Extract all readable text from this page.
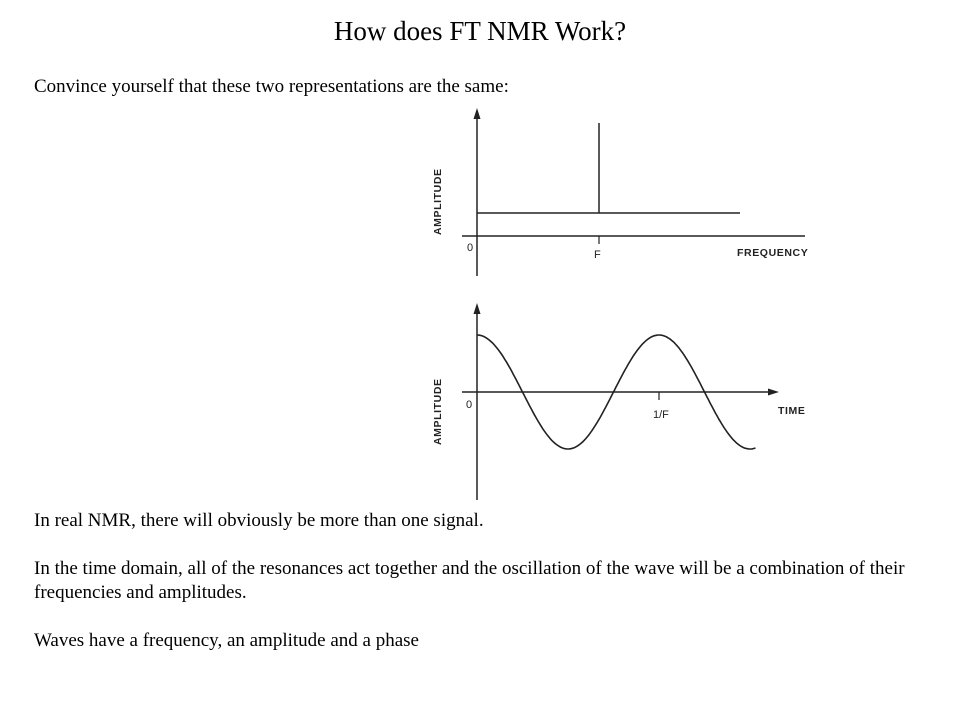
How does FT NMR Work?
Convince yourself that these two representations are the same:
0
F	FREQUENCY
AMPLITUDE
0
1/F	TIME
AMPLITUDE

In real NMR, there will obviously be more than one signal.

In the time domain, all of the resonances act together and the oscillation of the wave will be a combination of their frequencies and amplitudes.

Waves have a frequency, an amplitude and a phase
